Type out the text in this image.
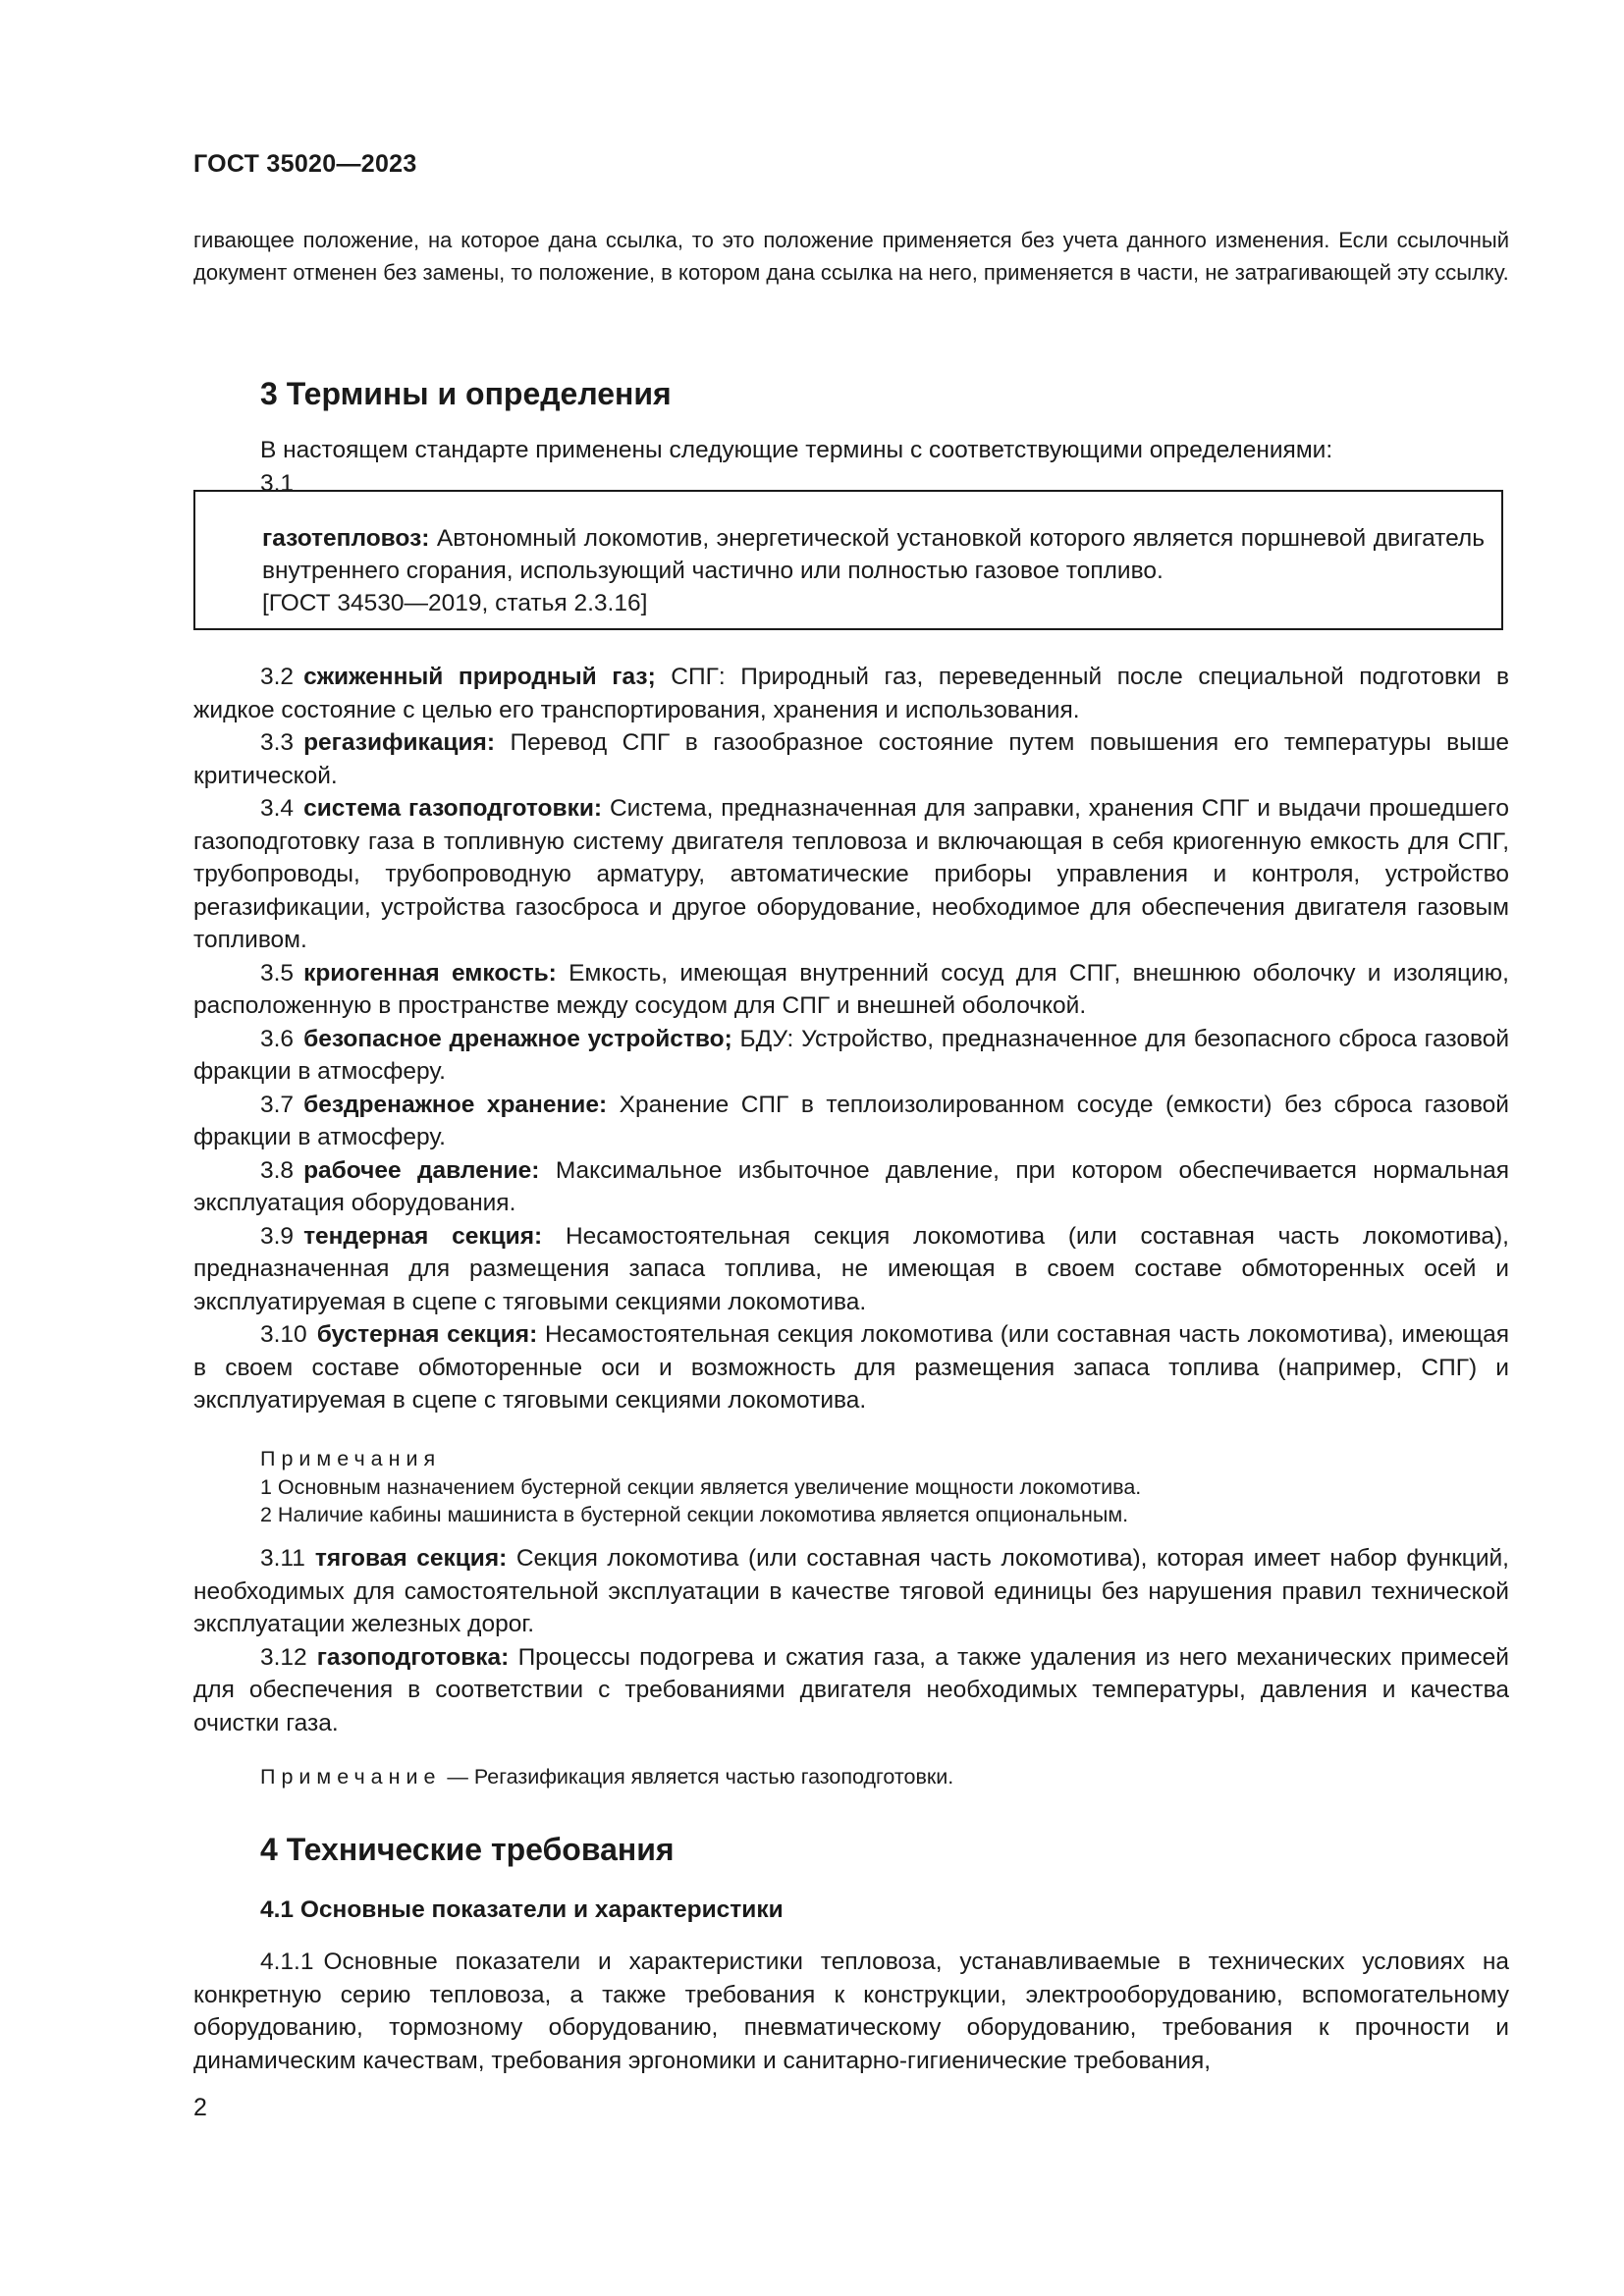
ГОСТ 35020—2023

гивающее положение, на которое дана ссылка, то это положение применяется без учета данного изменения. Если ссылочный документ отменен без замены, то положение, в котором дана ссылка на него, применяется в части, не затрагивающей эту ссылку.

3 Термины и определения

В настоящем стандарте применены следующие термины с соответствующими определениями:

3.1

газотепловоз: Автономный локомотив, энергетической установкой которого является поршневой двигатель внутреннего сгорания, использующий частично или полностью газовое топливо.

[ГОСТ 34530—2019, статья 2.3.16]

3.2 сжиженный природный газ; СПГ: Природный газ, переведенный после специальной подготовки в жидкое состояние с целью его транспортирования, хранения и использования.

3.3 регазификация: Перевод СПГ в газообразное состояние путем повышения его температуры выше критической.

3.4 система газоподготовки: Система, предназначенная для заправки, хранения СПГ и выдачи прошедшего газоподготовку газа в топливную систему двигателя тепловоза и включающая в себя криогенную емкость для СПГ, трубопроводы, трубопроводную арматуру, автоматические приборы управления и контроля, устройство регазификации, устройства газосброса и другое оборудование, необходимое для обеспечения двигателя газовым топливом.

3.5 криогенная емкость: Емкость, имеющая внутренний сосуд для СПГ, внешнюю оболочку и изоляцию, расположенную в пространстве между сосудом для СПГ и внешней оболочкой.

3.6 безопасное дренажное устройство; БДУ: Устройство, предназначенное для безопасного сброса газовой фракции в атмосферу.

3.7 бездренажное хранение: Хранение СПГ в теплоизолированном сосуде (емкости) без сброса газовой фракции в атмосферу.

3.8 рабочее давление: Максимальное избыточное давление, при котором обеспечивается нормальная эксплуатация оборудования.

3.9 тендерная секция: Несамостоятельная секция локомотива (или составная часть локомотива), предназначенная для размещения запаса топлива, не имеющая в своем составе обмоторенных осей и эксплуатируемая в сцепе с тяговыми секциями локомотива.

3.10 бустерная секция: Несамостоятельная секция локомотива (или составная часть локомотива), имеющая в своем составе обмоторенные оси и возможность для размещения запаса топлива (например, СПГ) и эксплуатируемая в сцепе с тяговыми секциями локомотива.

Примечания
1 Основным назначением бустерной секции является увеличение мощности локомотива.
2 Наличие кабины машиниста в бустерной секции локомотива является опциональным.

3.11 тяговая секция: Секция локомотива (или составная часть локомотива), которая имеет набор функций, необходимых для самостоятельной эксплуатации в качестве тяговой единицы без нарушения правил технической эксплуатации железных дорог.

3.12 газоподготовка: Процессы подогрева и сжатия газа, а также удаления из него механических примесей для обеспечения в соответствии с требованиями двигателя необходимых температуры, давления и качества очистки газа.

Примечание — Регазификация является частью газоподготовки.
4 Технические требования
4.1 Основные показатели и характеристики

4.1.1 Основные показатели и характеристики тепловоза, устанавливаемые в технических условиях на конкретную серию тепловоза, а также требования к конструкции, электрооборудованию, вспомогательному оборудованию, тормозному оборудованию, пневматическому оборудованию, требования к прочности и динамическим качествам, требования эргономики и санитарно-гигиенические требования,

2
